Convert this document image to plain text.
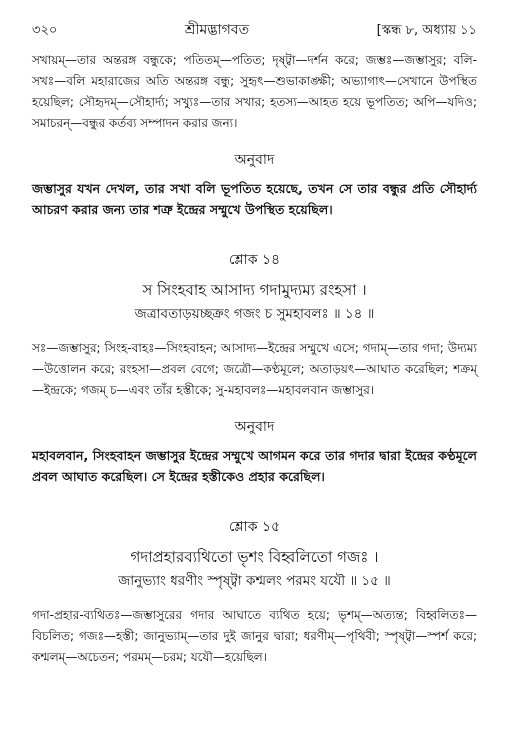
৩২০	শ্রীমদ্ভাগবত	[স্কন্ধ ৮, অধ্যায় ১১

সখায়ম্—তার অন্তরঙ্গ বন্ধুকে; পতিতম্—পতিত; দৃষ্ট্বা—দর্শন করে; জম্ভঃ—জম্ভাসুর; বলি-সখঃ—বলি মহারাজের অতি অন্তরঙ্গ বন্ধু; সুহৃৎ—শুভাকাঙ্ক্ষী; অভ্যাগাৎ—সেখানে উপস্থিত হয়েছিল; সৌহৃদম্—সৌহার্দ্য; সখ্যুঃ—তার সখার; হতস্য—আহত হয়ে ভূপতিত; অপি—যদিও; সমাচরন্—বন্ধুর কর্তব্য সম্পাদন করার জন্য।

অনুবাদ

জম্ভাসুর যখন দেখল, তার সখা বলি ভূপতিত হয়েছে, তখন সে তার বন্ধুর প্রতি সৌহার্দ্য আচরণ করার জন্য তার শত্রু ইন্দ্রের সম্মুখে উপস্থিত হয়েছিল।

শ্লোক ১৪

স সিংহবাহ আসাদ্য গদামুদ্যম্য রংহসা ।

জত্রাবতাড়য়চ্ছক্রং গজং চ সুমহাবলঃ ॥ ১৪ ॥

সঃ—জম্ভাসুর; সিংহ-বাহঃ—সিংহবাহন; আসাদ্য—ইন্দ্রের সম্মুখে এসে; গদাম্—তার গদা; উদ্যম্য—উত্তোলন করে; রংহসা—প্রবল বেগে; জত্রৌ—কণ্ঠমূলে; অতাড়য়ৎ—আঘাত করেছিল; শক্রম্—ইন্দ্রকে; গজম্ চ—এবং তাঁর হস্তীকে; সু-মহাবলঃ—মহাবলবান জম্ভাসুর।

অনুবাদ

মহাবলবান, সিংহবাহন জম্ভাসুর ইন্দ্রের সম্মুখে আগমন করে তার গদার দ্বারা ইন্দ্রের কণ্ঠমূলে প্রবল আঘাত করেছিল। সে ইন্দ্রের হস্তীকেও প্রহার করেছিল।

শ্লোক ১৫

গদাপ্রহারব্যথিতো ভৃশং বিহ্বলিতো গজঃ ।

জানুভ্যাং ধরণীং স্পৃষ্ট্বা কশ্মলং পরমং যযৌ ॥ ১৫ ॥

গদা-প্রহার-ব্যথিতঃ—জম্ভাসুরের গদার আঘাতে ব্যথিত হয়ে; ভৃশম্—অত্যন্ত; বিহ্বলিতঃ—বিচলিত; গজঃ—হস্তী; জানুভ্যাম্—তার দুই জানুর দ্বারা; ধরণীম্—পৃথিবী; স্পৃষ্ট্বা—স্পর্শ করে; কশ্মলম্—অচেতন; পরমম্—চরম; যযৌ—হয়েছিল।
